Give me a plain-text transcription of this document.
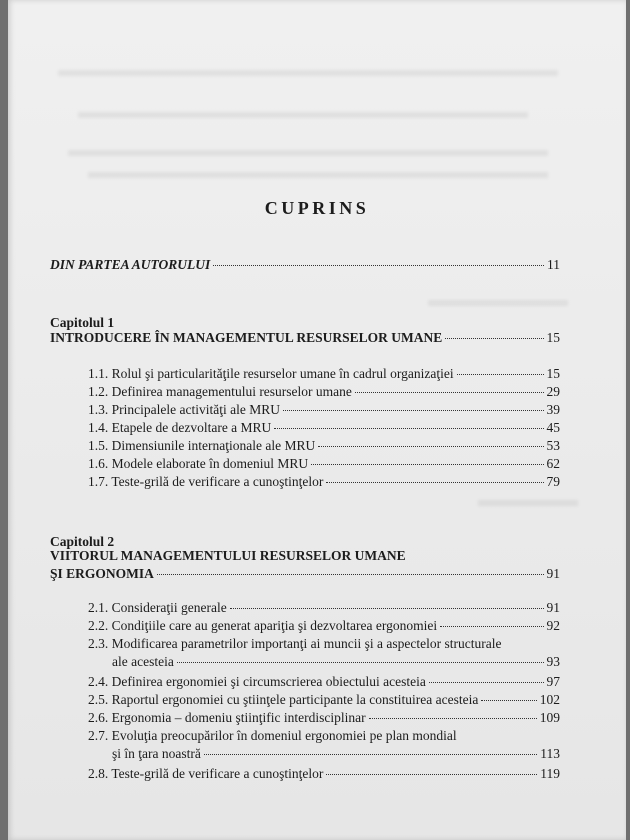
CUPRINS
DIN PARTEA AUTORULUI	11
Capitolul 1
INTRODUCERE ÎN MANAGEMENTUL RESURSELOR UMANE	15
1.1. Rolul şi particularităţile resurselor umane în cadrul organizaţiei	15
1.2. Definirea managementului resurselor umane	29
1.3. Principalele activităţi ale MRU	39
1.4. Etapele de dezvoltare a MRU	45
1.5. Dimensiunile internaţionale ale MRU	53
1.6. Modele elaborate în domeniul MRU	62
1.7. Teste-grilă de verificare a cunoştinţelor	79
Capitolul 2
VIITORUL MANAGEMENTULUI RESURSELOR UMANE
ŞI ERGONOMIA	91
2.1. Consideraţii generale	91
2.2. Condiţiile care au generat apariţia şi dezvoltarea ergonomiei	92
2.3. Modificarea parametrilor importanţi ai muncii şi a aspectelor structurale
ale acesteia	93
2.4. Definirea ergonomiei şi circumscrierea obiectului acesteia	97
2.5. Raportul ergonomiei cu ştiinţele participante la constituirea acesteia	102
2.6. Ergonomia – domeniu ştiinţific interdisciplinar	109
2.7. Evoluţia preocupărilor în domeniul ergonomiei pe plan mondial
şi în ţara noastră	113
2.8. Teste-grilă de verificare a cunoştinţelor	119
